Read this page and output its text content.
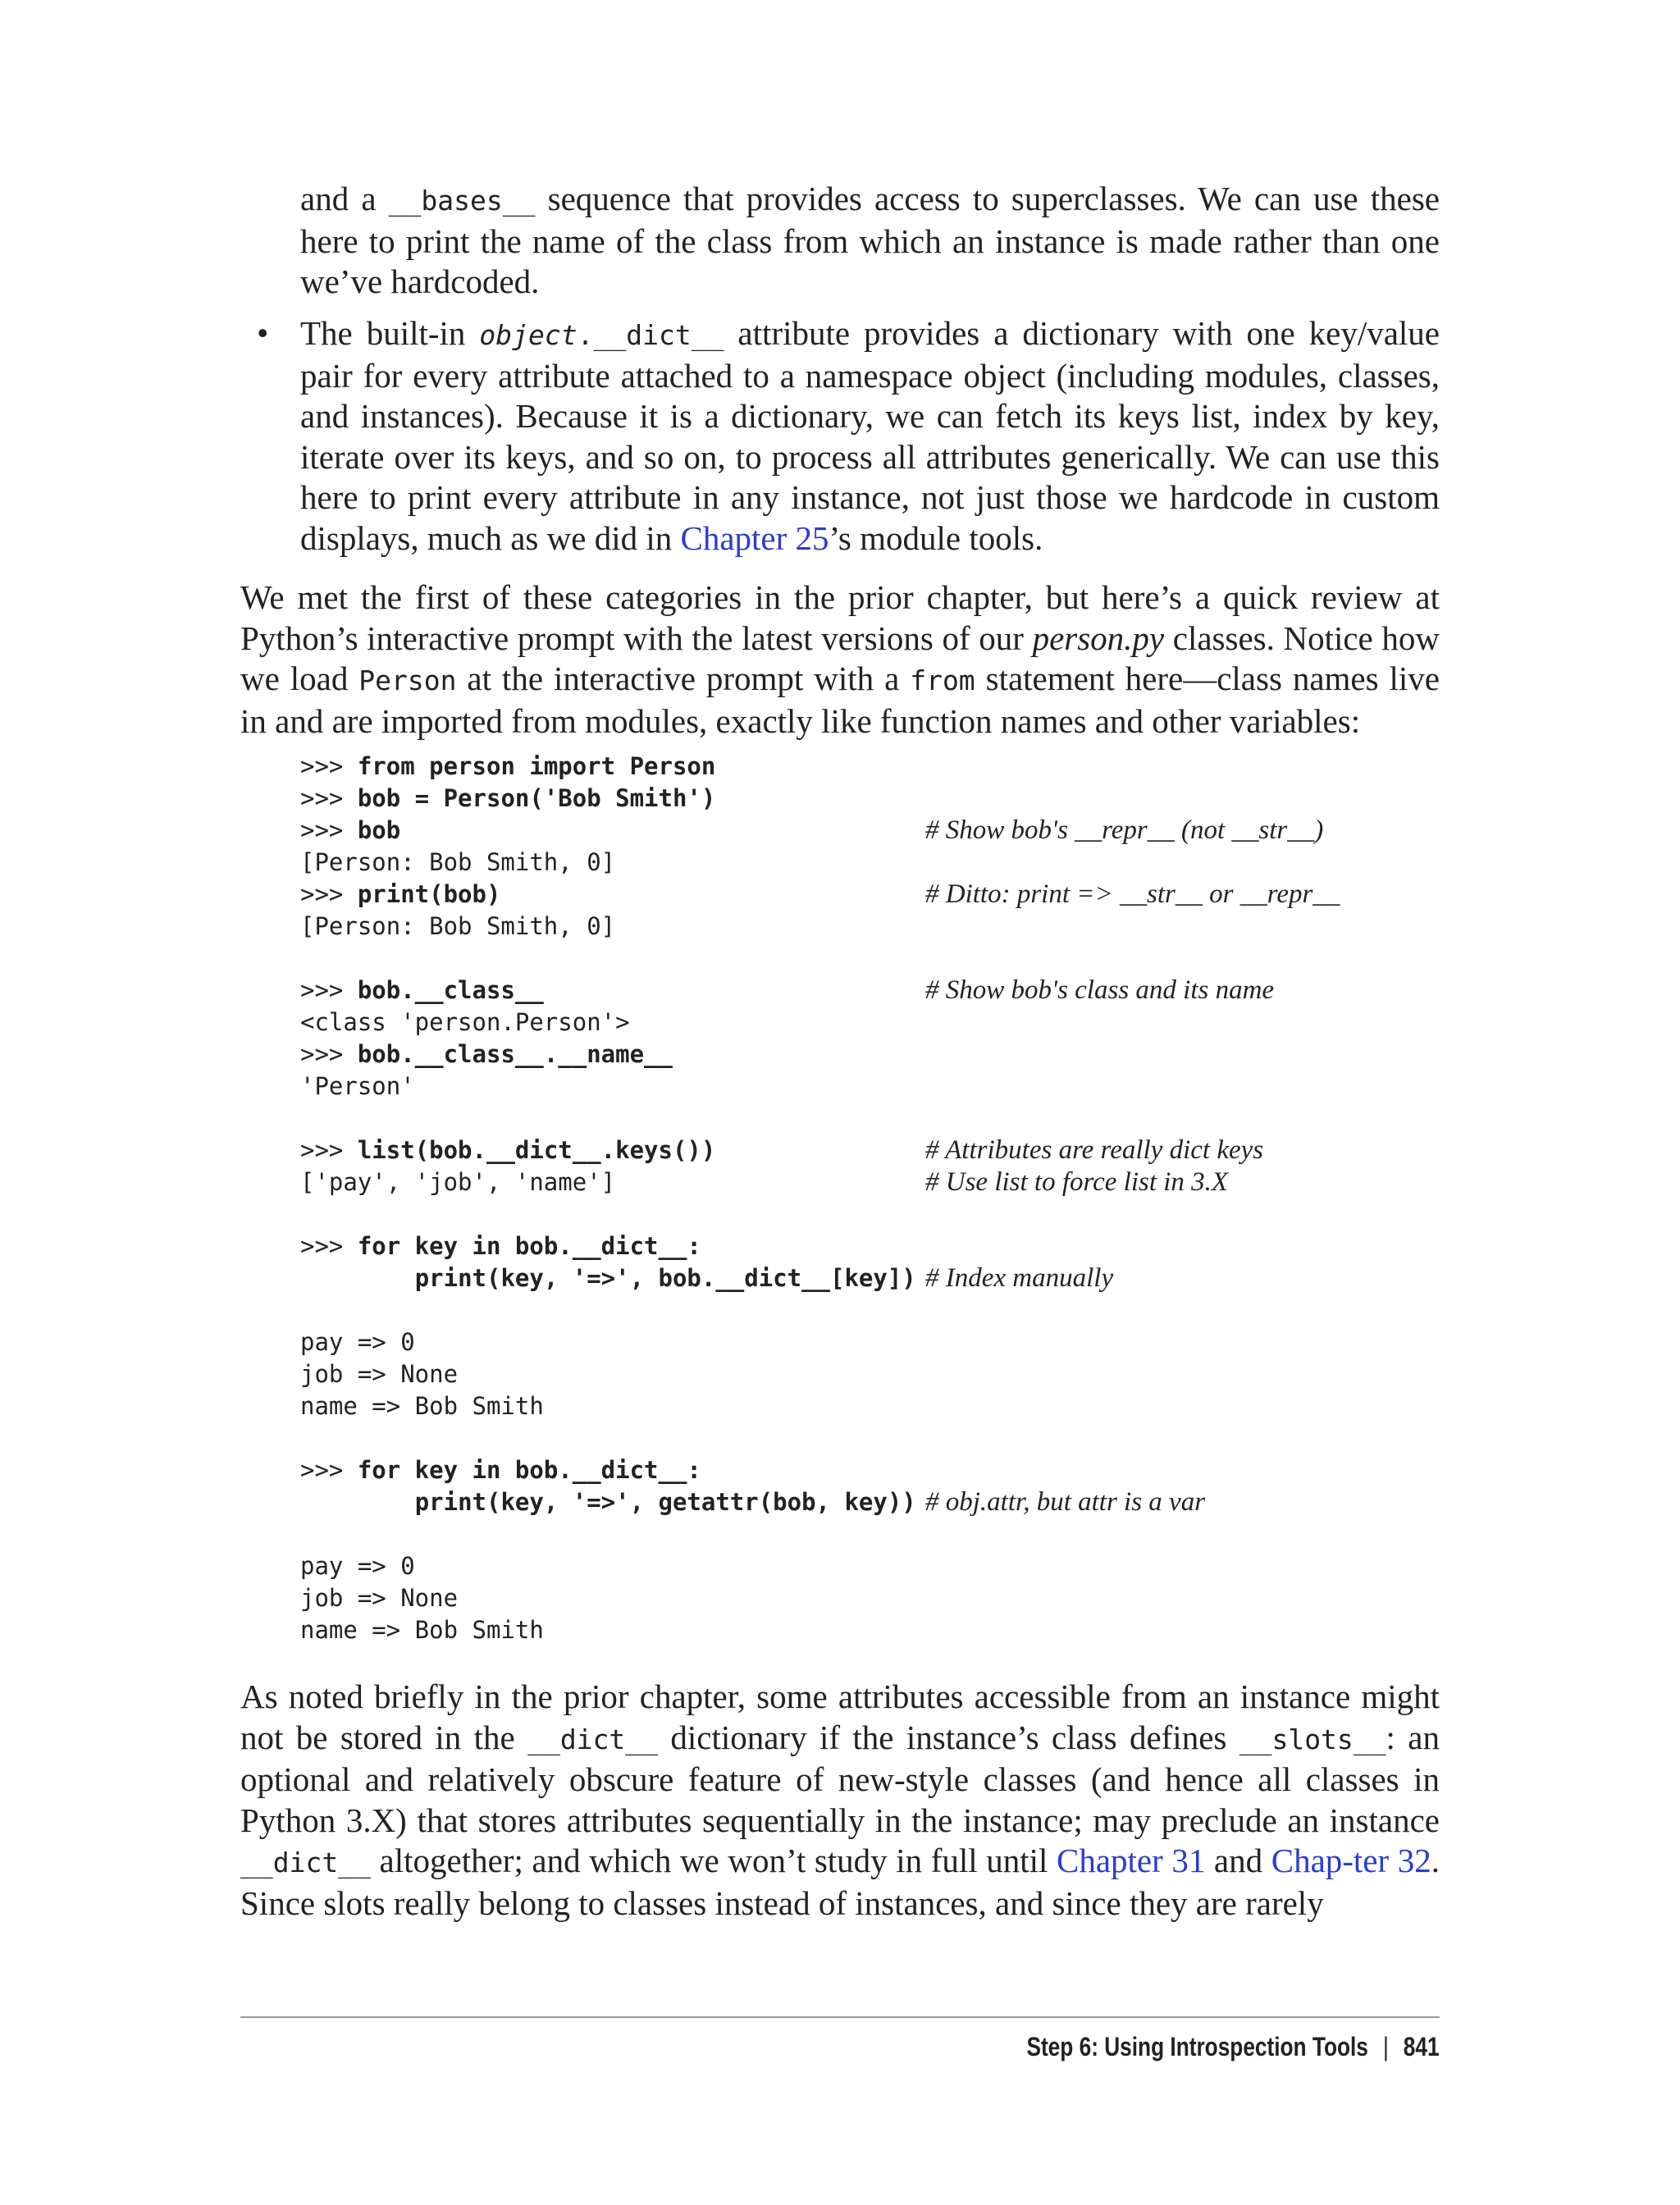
and a __bases__ sequence that provides access to superclasses. We can use these here to print the name of the class from which an instance is made rather than one we’ve hardcoded.

• The built-in object.__dict__ attribute provides a dictionary with one key/value pair for every attribute attached to a namespace object (including modules, classes, and instances). Because it is a dictionary, we can fetch its keys list, index by key, iterate over its keys, and so on, to process all attributes generically. We can use this here to print every attribute in any instance, not just those we hardcode in custom displays, much as we did in Chapter 25’s module tools.

We met the first of these categories in the prior chapter, but here’s a quick review at Python’s interactive prompt with the latest versions of our person.py classes. Notice how we load Person at the interactive prompt with a from statement here—class names live in and are imported from modules, exactly like function names and other variables:

>>> from person import Person
>>> bob = Person('Bob Smith')
>>> bob	# Show bob's __repr__ (not __str__)
[Person: Bob Smith, 0]
>>> print(bob)	# Ditto: print => __str__ or __repr__
[Person: Bob Smith, 0]
>>> bob.__class__	# Show bob's class and its name
<class 'person.Person'>
>>> bob.__class__.__name__
'Person'
>>> list(bob.__dict__.keys())	# Attributes are really dict keys
['pay', 'job', 'name']	# Use list to force list in 3.X
>>> for key in bob.__dict__:
print(key, '=>', bob.__dict__[key]) # Index manually
pay => 0
job => None
name => Bob Smith
>>> for key in bob.__dict__:
print(key, '=>', getattr(bob, key)) # obj.attr, but attr is a var
pay => 0
job => None
name => Bob Smith

As noted briefly in the prior chapter, some attributes accessible from an instance might not be stored in the __dict__ dictionary if the instance’s class defines __slots__: an optional and relatively obscure feature of new-style classes (and hence all classes in Python 3.X) that stores attributes sequentially in the instance; may preclude an instance __dict__ altogether; and which we won’t study in full until Chapter 31 and Chap-ter 32. Since slots really belong to classes instead of instances, and since they are rarely

Step 6: Using Introspection Tools | 841
